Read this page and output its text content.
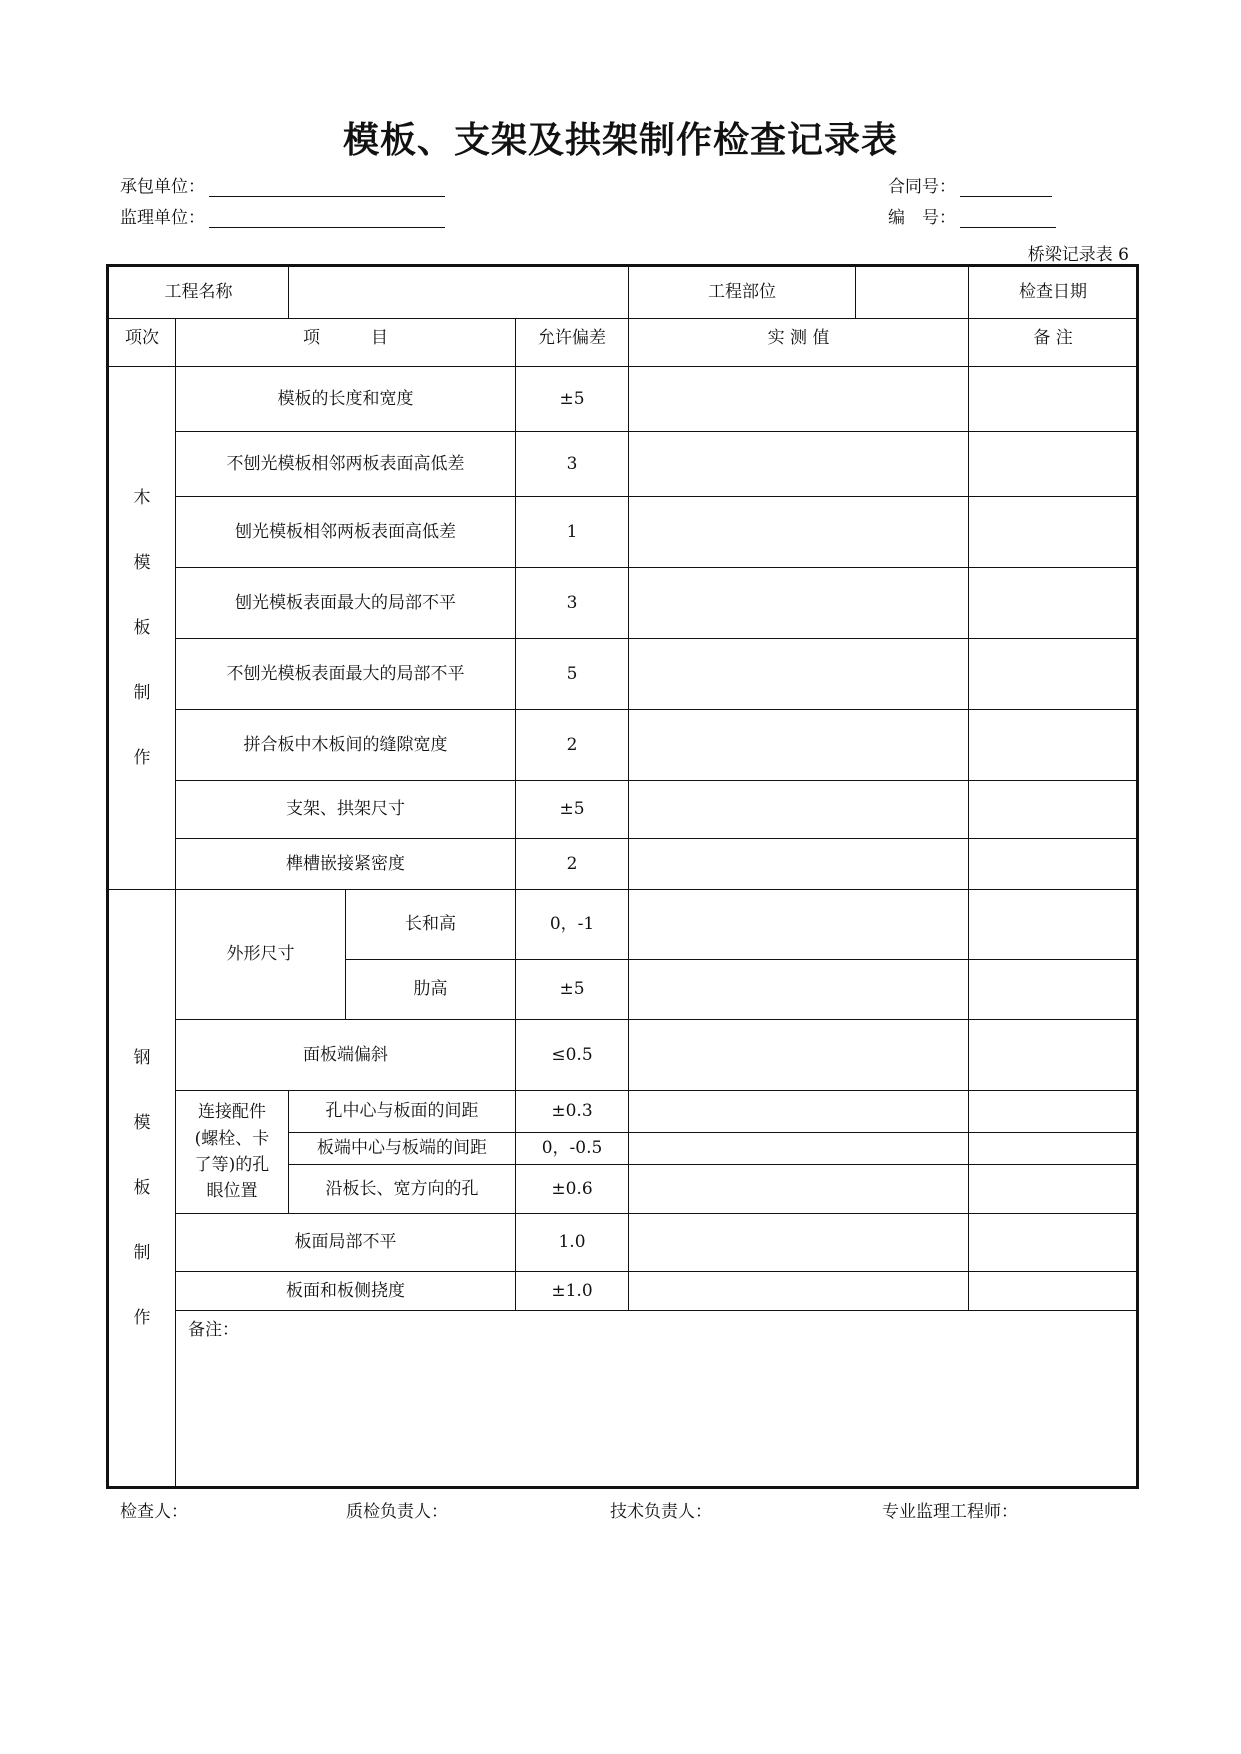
模板、支架及拱架制作检查记录表
承包单位：
监理单位：
合同号：
编　号：
桥梁记录表 6
工程名称					工程部位		检查日期
项次	项　　　目			允许偏差	实 测 值		备 注
木
模
板
制
作	模板的长度和宽度			±5			
	不刨光模板相邻两板表面高低差			3			
	刨光模板相邻两板表面高低差			1			
	刨光模板表面最大的局部不平			3			
	不刨光模板表面最大的局部不平			5			
	拼合板中木板间的缝隙宽度			2			
	支架、拱架尺寸			±5			
	榫槽嵌接紧密度			2			
钢
模
板
制
作	外形尺寸		长和高	0，-1			
			肋高	±5			
	面板端偏斜			≤0.5			
	连接配件(螺栓、卡了等)的孔眼位置	孔中心与板面的间距		±0.3			
		板端中心与板端的间距		0，-0.5			
		沿板长、宽方向的孔		±0.6			
	板面局部不平			1.0			
	板面和板侧挠度			±1.0			
	备注：						
检查人：	质检负责人：	技术负责人：	专业监理工程师：
